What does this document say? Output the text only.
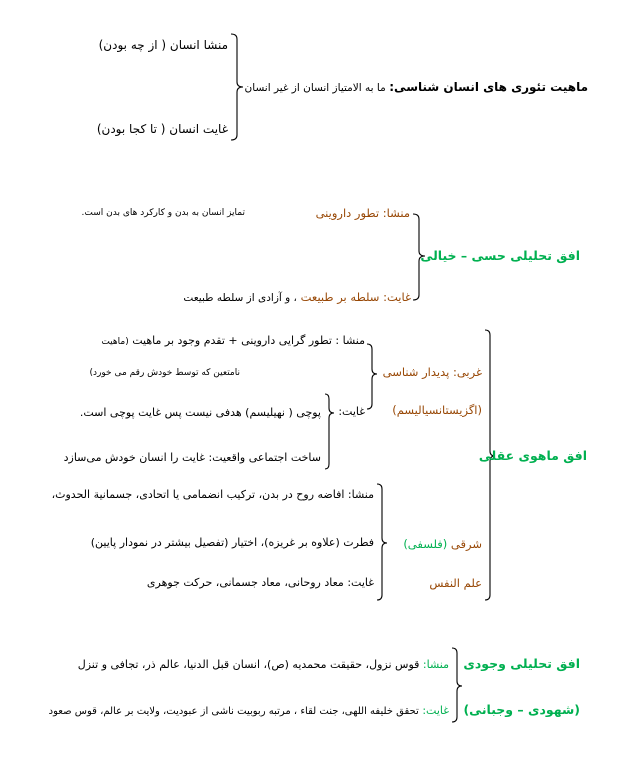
ماهیت تئوری های انسان شناسی: ما به الامتیاز انسان از غیر انسان
منشا انسان ( از چه بودن)
غایت انسان ( تا کجا بودن)
افق تحلیلی حسی – خیالی
منشا: تطور داروینی
تمایز انسان به بدن و کارکرد های بدن است.
غایت: سلطه بر طبیعت ، و آزادی از سلطه طبیعت
افق ماهوی عقلی
غربی: پدیدار شناسی
(اگزیستانسیالیسم)
منشا : تطور گرایی داروینی + تقدم وجود بر ماهیت (ماهیت
نامتعین که توسط خودش رقم می خورد)
غایت:
پوچی ( نهیلیسم) هدفی نیست پس غایت پوچی است.
ساخت اجتماعی واقعیت: غایت را انسان خودش می‌سازد
شرقی (فلسفی)
علم النفس
منشا: افاضه روح در بدن، ترکیب انضمامی یا اتحادی، جسمانیة الحدوث،
فطرت (علاوه بر غریزه)، اختیار (تفصیل بیشتر در نمودار پایین)
غایت: معاد روحانی، معاد جسمانی، حرکت جوهری
افق تحلیلی وجودی
(شهودی – وجبانی)
منشا: قوس نزول، حقیقت محمدیه (ص)، انسان قبل الدنیا، عالم ذر، تجافی و تنزل
غایت: تحقق خلیفه اللهی، جنت لقاء ، مرتبه ربوبیت ناشی از عبودیت، ولایت بر عالم، قوس صعود
